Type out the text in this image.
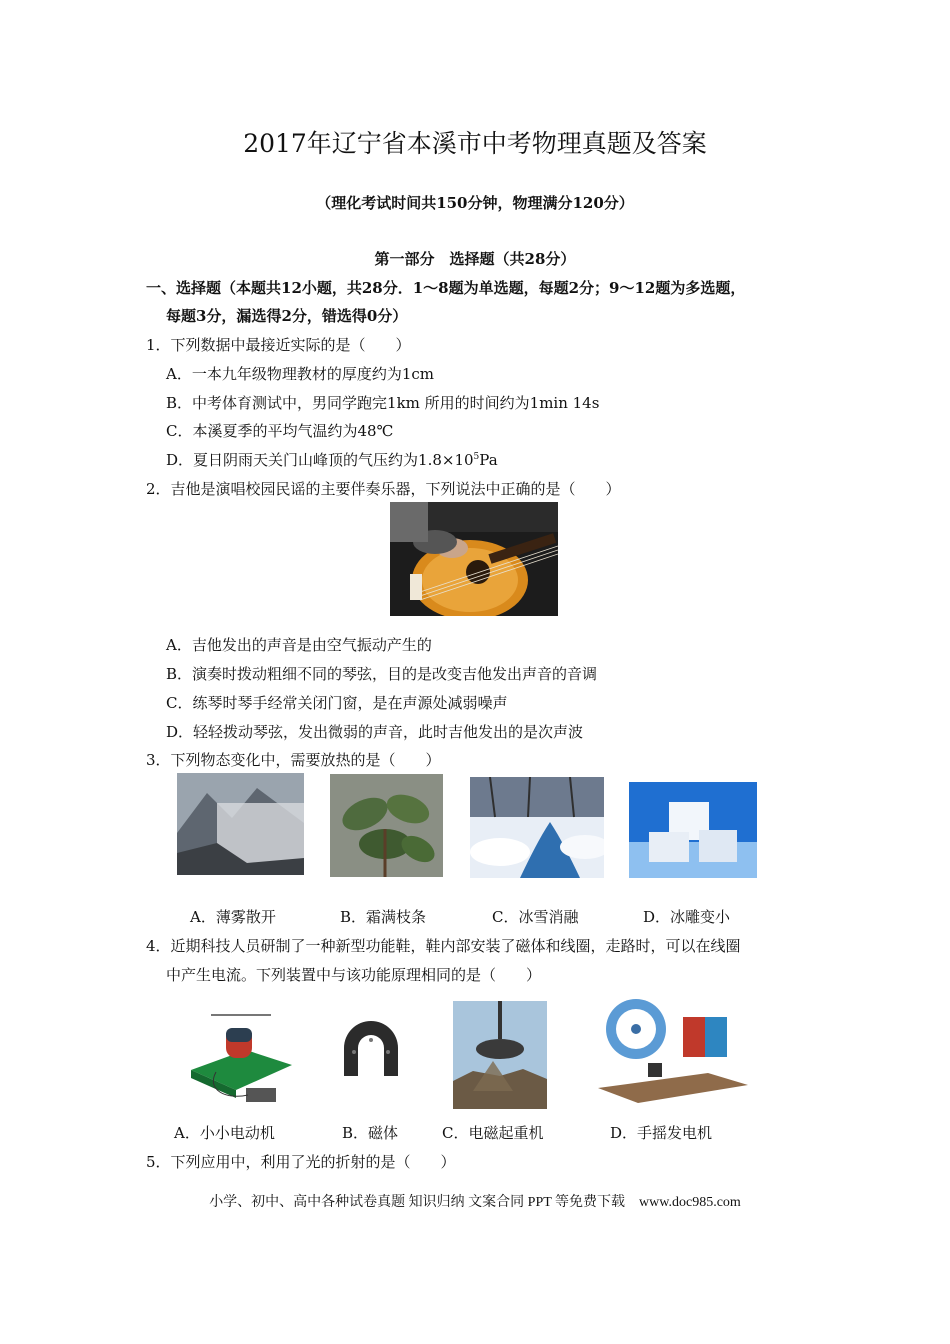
2017年辽宁省本溪市中考物理真题及答案
（理化考试时间共150分钟，物理满分120分）
第一部分　选择题（共28分）
一、选择题（本题共12小题，共28分．1～8题为单选题，每题2分；9～12题为多选题，
每题3分，漏选得2分，错选得0分）
1．下列数据中最接近实际的是（　　）
A．一本九年级物理教材的厚度约为1cm
B．中考体育测试中，男同学跑完1km 所用的时间约为1min 14s
C．本溪夏季的平均气温约为48℃
D．夏日阴雨天关门山峰顶的气压约为$1.8\times 10^5Pa$
2．吉他是演唱校园民谣的主要伴奏乐器，下列说法中正确的是（　　）
A．吉他发出的声音是由空气振动产生的
B．演奏时拨动粗细不同的琴弦，目的是改变吉他发出声音的音调
C．练琴时琴手经常关闭门窗，是在声源处减弱噪声
D．轻轻拨动琴弦，发出微弱的声音，此时吉他发出的是次声波
3．下列物态变化中，需要放热的是（　　）
A．薄雾散开	B．霜满枝条	C．冰雪消融	D．冰雕变小
4．近期科技人员研制了一种新型功能鞋，鞋内部安装了磁体和线圈，走路时，可以在线圈
中产生电流。下列装置中与该功能原理相同的是（　　）
A．小小电动机	B．磁体	C．电磁起重机	D．手摇发电机
5．下列应用中，利用了光的折射的是（　　）
小学、初中、高中各种试卷真题 知识归纳 文案合同 PPT 等免费下载　www.doc985.com
